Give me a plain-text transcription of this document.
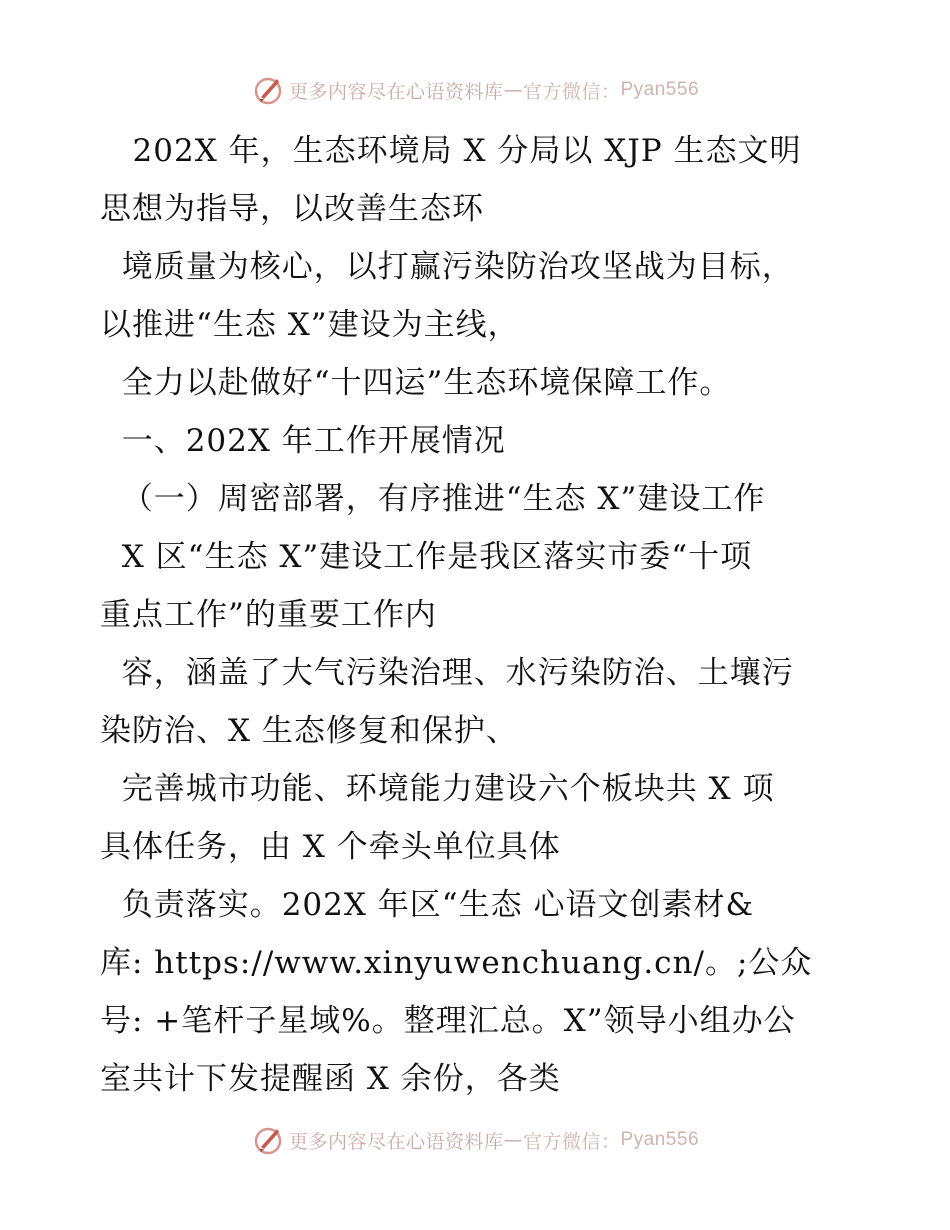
更多内容尽在心语资料库 — 官方微信： Pyan556
202X 年，生态环境局 X 分局以 XJP 生态文明
思想为指导，以改善生态环
境质量为核心，以打赢污染防治攻坚战为目标，
以推进“生态 X”建设为主线，
全力以赴做好“十四运”生态环境保障工作。
一、202X 年工作开展情况
（一）周密部署，有序推进“生态 X”建设工作
X 区“生态 X”建设工作是我区落实市委“十项
重点工作”的重要工作内
容，涵盖了大气污染治理、水污染防治、土壤污
染防治、X 生态修复和保护、
完善城市功能、环境能力建设六个板块共 X 项
具体任务，由 X 个牵头单位具体
负责落实。202X 年区“生态 心语文创素材&
库: https://www.xinyuwenchuang.cn/。;公众
号: +笔杆子星域%。整理汇总。X”领导小组办公
室共计下发提醒函 X 余份，各类
更多内容尽在心语资料库 — 官方微信： Pyan556
